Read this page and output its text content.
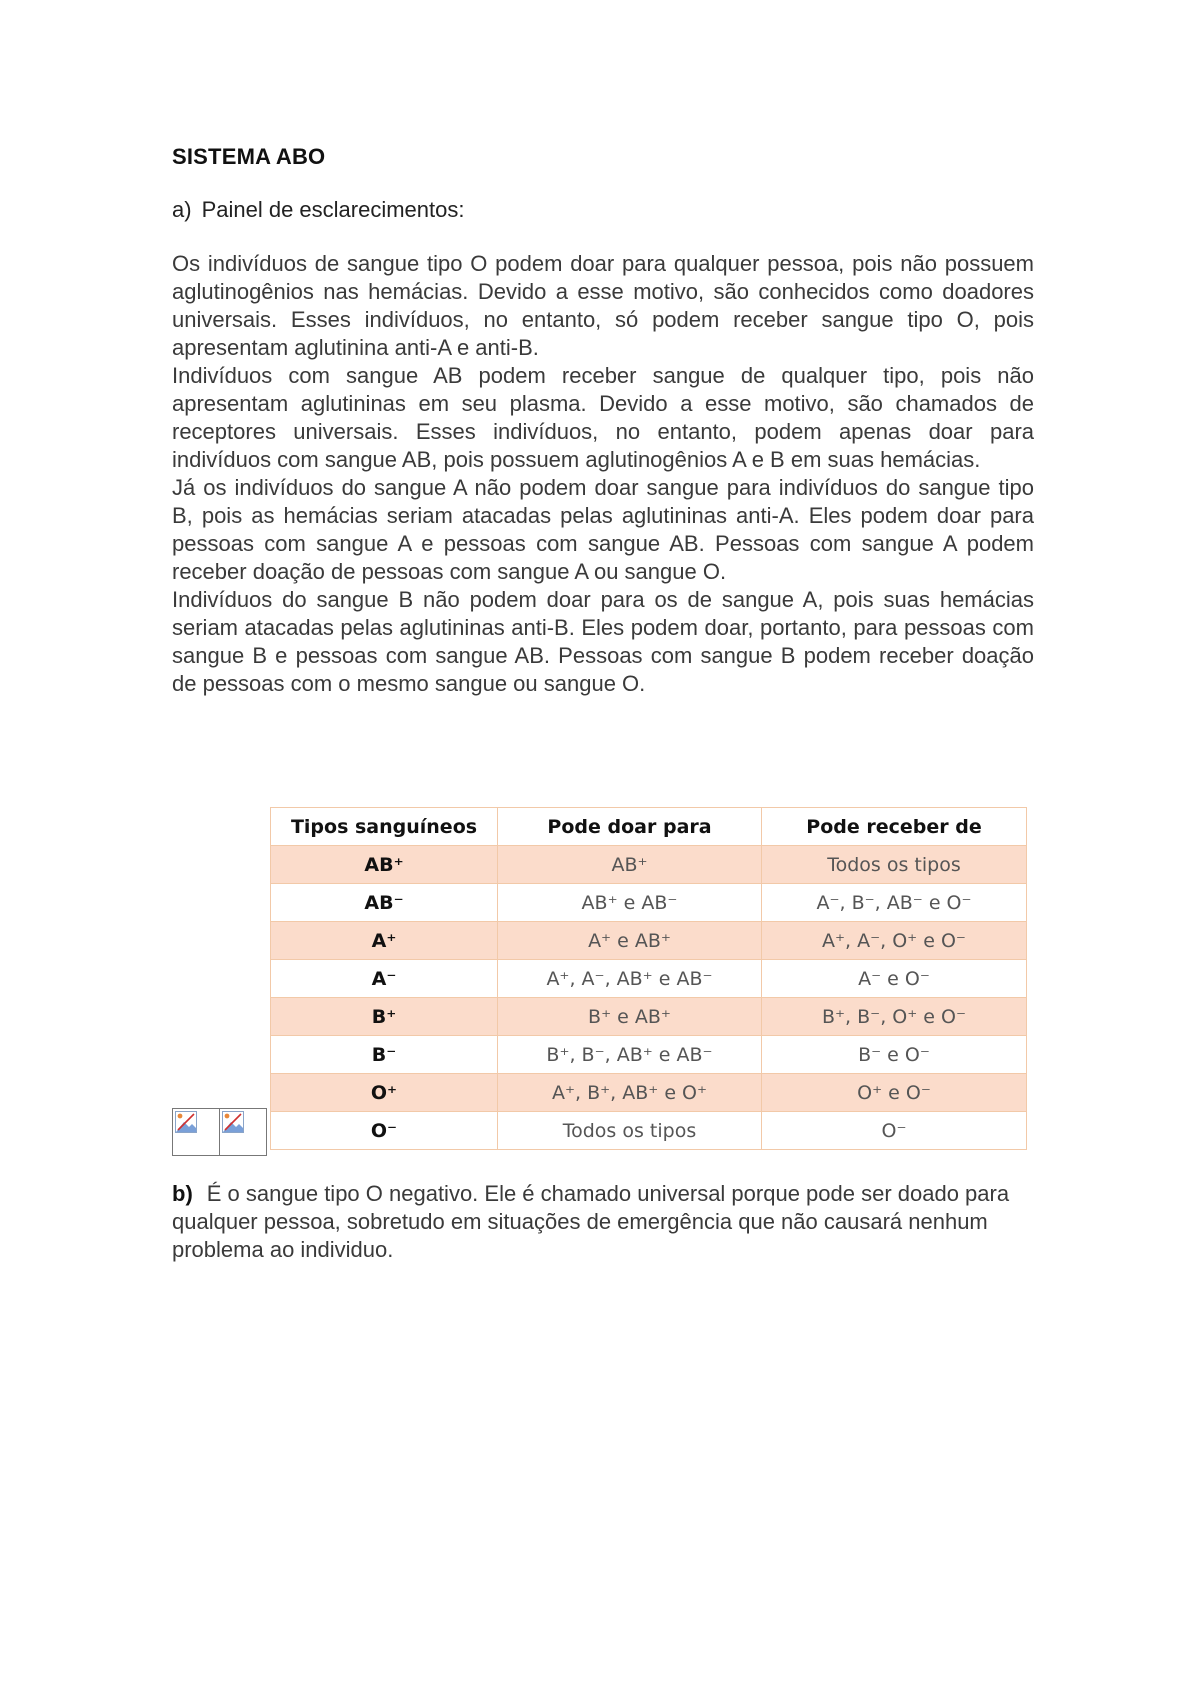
SISTEMA ABO
a) Painel de esclarecimentos:

Os indivíduos de sangue tipo O podem doar para qualquer pessoa, pois não possuem aglutinogênios nas hemácias. Devido a esse motivo, são conhecidos como doadores universais. Esses indivíduos, no entanto, só podem receber sangue tipo O, pois apresentam aglutinina anti-A e anti-B.

Indivíduos com sangue AB podem receber sangue de qualquer tipo, pois não apresentam aglutininas em seu plasma. Devido a esse motivo, são chamados de receptores universais. Esses indivíduos, no entanto, podem apenas doar para indivíduos com sangue AB, pois possuem aglutinogênios A e B em suas hemácias.

Já os indivíduos do sangue A não podem doar sangue para indivíduos do sangue tipo B, pois as hemácias seriam atacadas pelas aglutininas anti-A. Eles podem doar para pessoas com sangue A e pessoas com sangue AB. Pessoas com sangue A podem receber doação de pessoas com sangue A ou sangue O.

Indivíduos do sangue B não podem doar para os de sangue A, pois suas hemácias seriam atacadas pelas aglutininas anti-B. Eles podem doar, portanto, para pessoas com sangue B e pessoas com sangue AB. Pessoas com sangue B podem receber doação de pessoas com o mesmo sangue ou sangue O.

Tipos sanguíneos	Pode doar para	Pode receber de
AB⁺	AB⁺	Todos os tipos
AB⁻	AB⁺ e AB⁻	A⁻, B⁻, AB⁻ e O⁻
A⁺	A⁺ e AB⁺	A⁺, A⁻, O⁺ e O⁻
A⁻	A⁺, A⁻, AB⁺ e AB⁻	A⁻ e O⁻
B⁺	B⁺ e AB⁺	B⁺, B⁻, O⁺ e O⁻
B⁻	B⁺, B⁻, AB⁺ e AB⁻	B⁻ e O⁻
O⁺	A⁺, B⁺, AB⁺ e O⁺	O⁺ e O⁻
O⁻	Todos os tipos	O⁻
b) É o sangue tipo O negativo. Ele é chamado universal porque pode ser doado para qualquer pessoa, sobretudo em situações de emergência que não causará nenhum problema ao individuo.
